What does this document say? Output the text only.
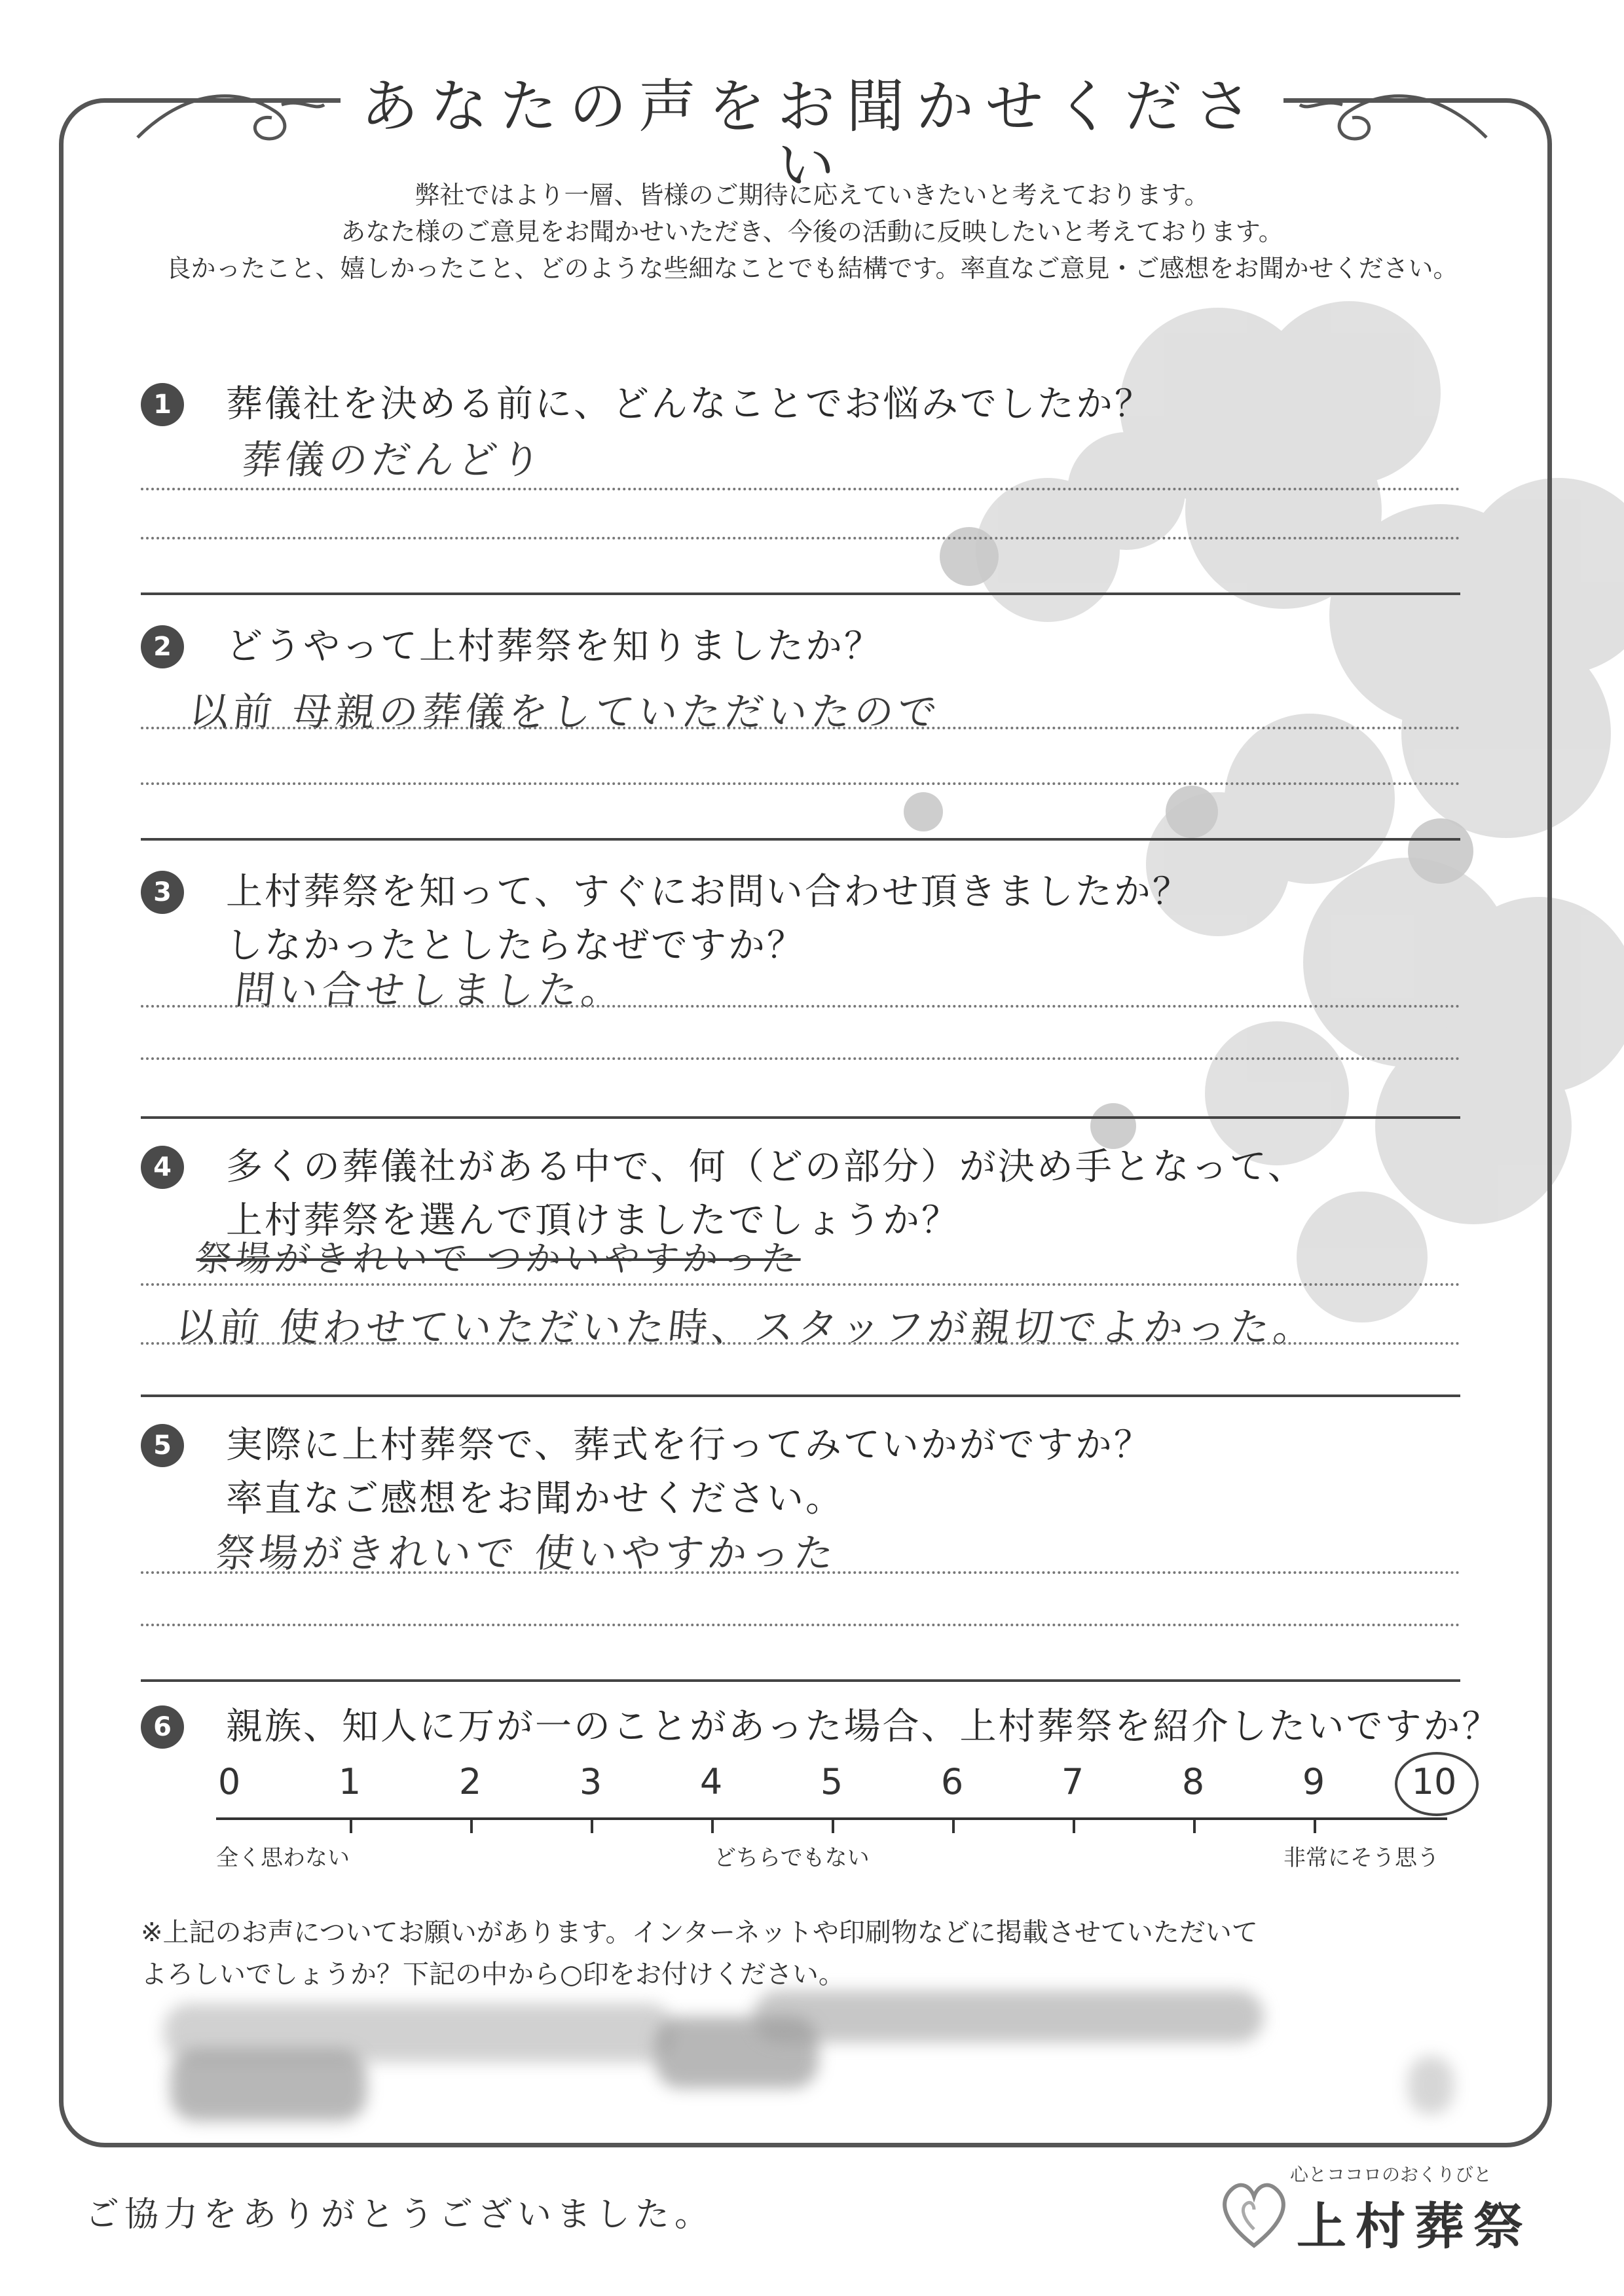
あなたの声をお聞かせください
弊社ではより一層、皆様のご期待に応えていきたいと考えております。
あなた様のご意見をお聞かせいただき、今後の活動に反映したいと考えております。
良かったこと、嬉しかったこと、どのような些細なことでも結構です。率直なご意見・ご感想をお聞かせください。
1	葬儀社を決める前に、どんなことでお悩みでしたか？
葬儀のだんどり
2	どうやって上村葬祭を知りましたか？
以前 母親の葬儀をしていただいたので
3	上村葬祭を知って、すぐにお問い合わせ頂きましたか？
しなかったとしたらなぜですか？
問い合せしました。
4	多くの葬儀社がある中で、何（どの部分）が決め手となって、
上村葬祭を選んで頂けましたでしょうか？
祭場がきれいで つかいやすかった
以前 使わせていただいた時、スタッフが親切でよかった。
5	実際に上村葬祭で、葬式を行ってみていかがですか？
率直なご感想をお聞かせください。
祭場がきれいで 使いやすかった
6	親族、知人に万が一のことがあった場合、上村葬祭を紹介したいですか？
全く思わない	どちらでもない	非常にそう思う
0	1	2	3	4	5	6	7	8	9	10
※上記のお声についてお願いがあります。インターネットや印刷物などに掲載させていただいて
よろしいでしょうか？下記の中から○印をお付けください。
ご協力をありがとうございました。
心とココロのおくりびと
上村葬祭
